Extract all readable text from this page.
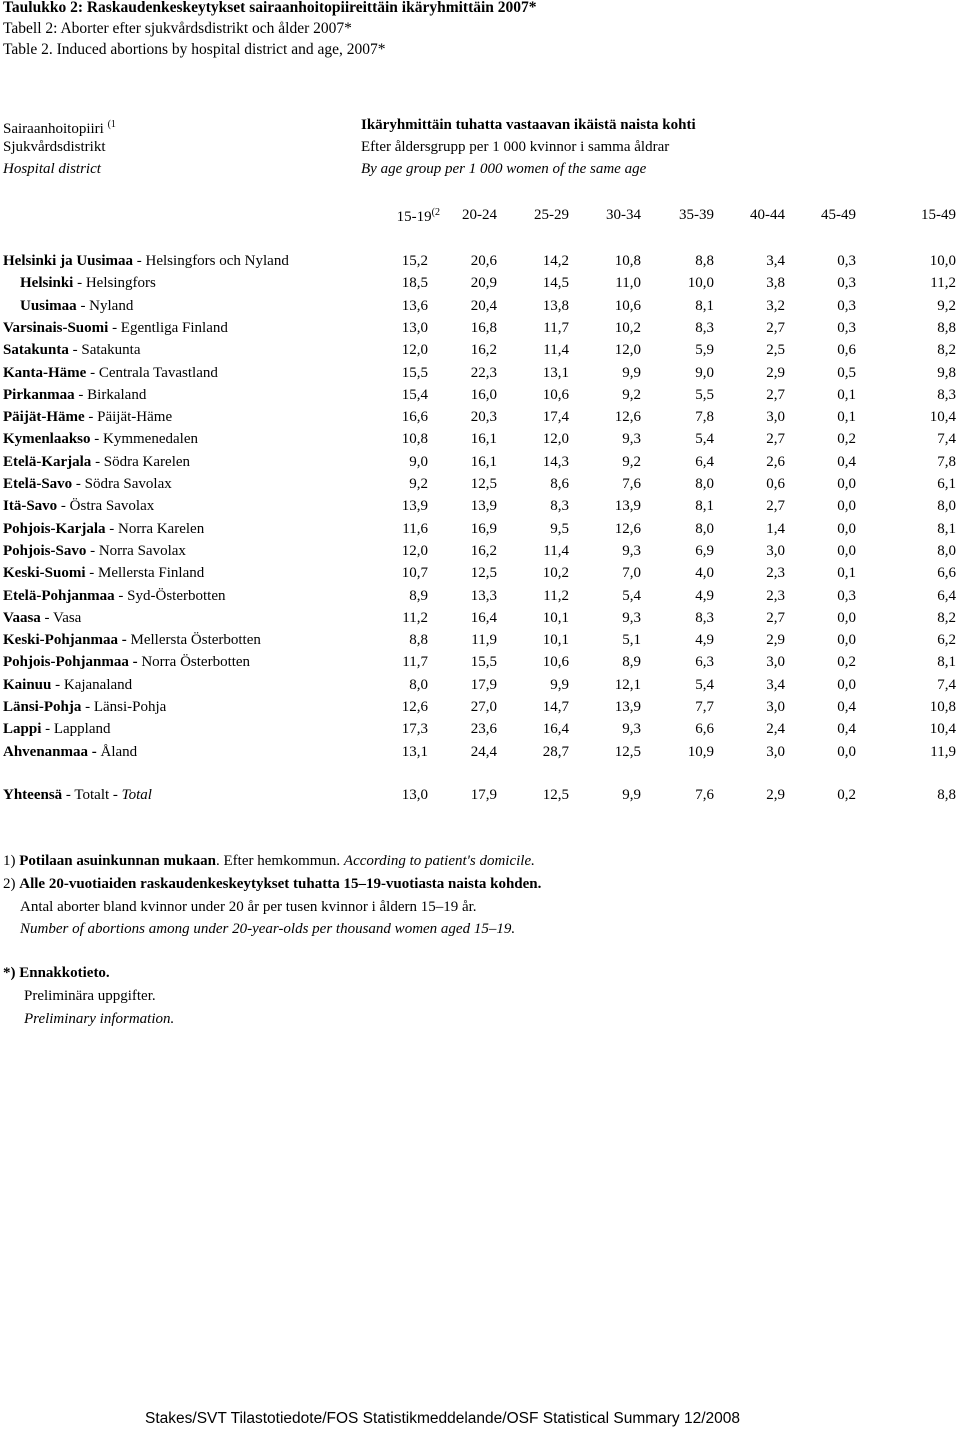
Taulukko 2: Raskaudenkeskeytykset sairaanhoitopiireittäin ikäryhmittäin 2007*
Tabell 2: Aborter efter sjukvårdsdistrikt och ålder 2007*
Table 2. Induced abortions by hospital district and age, 2007*
Sairaanhoitopiiri $^{(1}$
Sjukvårdsdistrikt
Hospital district
Ikäryhmittäin tuhatta vastaavan ikäistä naista kohti
Efter åldersgrupp per 1 000 kvinnor i samma åldrar
By age group per 1 000 women of the same age
15-19$^{(2}$ 20-24 25-29 30-34	35-39 40-44 45-49	15-49
Helsinki ja Uusimaa - Helsingfors och Nyland	15,2	20,6	14,2	10,8	8,8	3,4	0,3	10,0
Helsinki - Helsingfors	18,5	20,9	14,5	11,0	10,0	3,8	0,3	11,2
Uusimaa - Nyland	13,6	20,4	13,8	10,6	8,1	3,2	0,3	9,2
Varsinais-Suomi - Egentliga Finland	13,0	16,8	11,7	10,2	8,3	2,7	0,3	8,8
Satakunta - Satakunta	12,0	16,2	11,4	12,0	5,9	2,5	0,6	8,2
Kanta-Häme - Centrala Tavastland	15,5	22,3	13,1	9,9	9,0	2,9	0,5	9,8
Pirkanmaa - Birkaland	15,4	16,0	10,6	9,2	5,5	2,7	0,1	8,3
Päijät-Häme - Päijät-Häme	16,6	20,3	17,4	12,6	7,8	3,0	0,1	10,4
Kymenlaakso - Kymmenedalen	10,8	16,1	12,0	9,3	5,4	2,7	0,2	7,4
Etelä-Karjala - Södra Karelen	9,0	16,1	14,3	9,2	6,4	2,6	0,4	7,8
Etelä-Savo - Södra Savolax	9,2	12,5	8,6	7,6	8,0	0,6	0,0	6,1
Itä-Savo - Östra Savolax	13,9	13,9	8,3	13,9	8,1	2,7	0,0	8,0
Pohjois-Karjala - Norra Karelen	11,6	16,9	9,5	12,6	8,0	1,4	0,0	8,1
Pohjois-Savo - Norra Savolax	12,0	16,2	11,4	9,3	6,9	3,0	0,0	8,0
Keski-Suomi - Mellersta Finland	10,7	12,5	10,2	7,0	4,0	2,3	0,1	6,6
Etelä-Pohjanmaa - Syd-Österbotten	8,9	13,3	11,2	5,4	4,9	2,3	0,3	6,4
Vaasa - Vasa	11,2	16,4	10,1	9,3	8,3	2,7	0,0	8,2
Keski-Pohjanmaa - Mellersta Österbotten	8,8	11,9	10,1	5,1	4,9	2,9	0,0	6,2
Pohjois-Pohjanmaa - Norra Österbotten	11,7	15,5	10,6	8,9	6,3	3,0	0,2	8,1
Kainuu - Kajanaland	8,0	17,9	9,9	12,1	5,4	3,4	0,0	7,4
Länsi-Pohja - Länsi-Pohja	12,6	27,0	14,7	13,9	7,7	3,0	0,4	10,8
Lappi - Lappland	17,3	23,6	16,4	9,3	6,6	2,4	0,4	10,4
Ahvenanmaa - Åland	13,1	24,4	28,7	12,5	10,9	3,0	0,0	11,9
Yhteensä - Totalt - Total	13,0	17,9	12,5	9,9	7,6	2,9	0,2	8,8
1) Potilaan asuinkunnan mukaan. Efter hemkommun. According to patient's domicile.
2) Alle 20-vuotiaiden raskaudenkeskeytykset tuhatta 15–19-vuotiasta naista kohden.
Antal aborter bland kvinnor under 20 år per tusen kvinnor i åldern 15–19 år.
Number of abortions among under 20-year-olds per thousand women aged 15–19.
*) Ennakkotieto.
Preliminära uppgifter.
Preliminary information.
Stakes/SVT Tilastotiedote/FOS Statistikmeddelande/OSF Statistical Summary 12/2008
